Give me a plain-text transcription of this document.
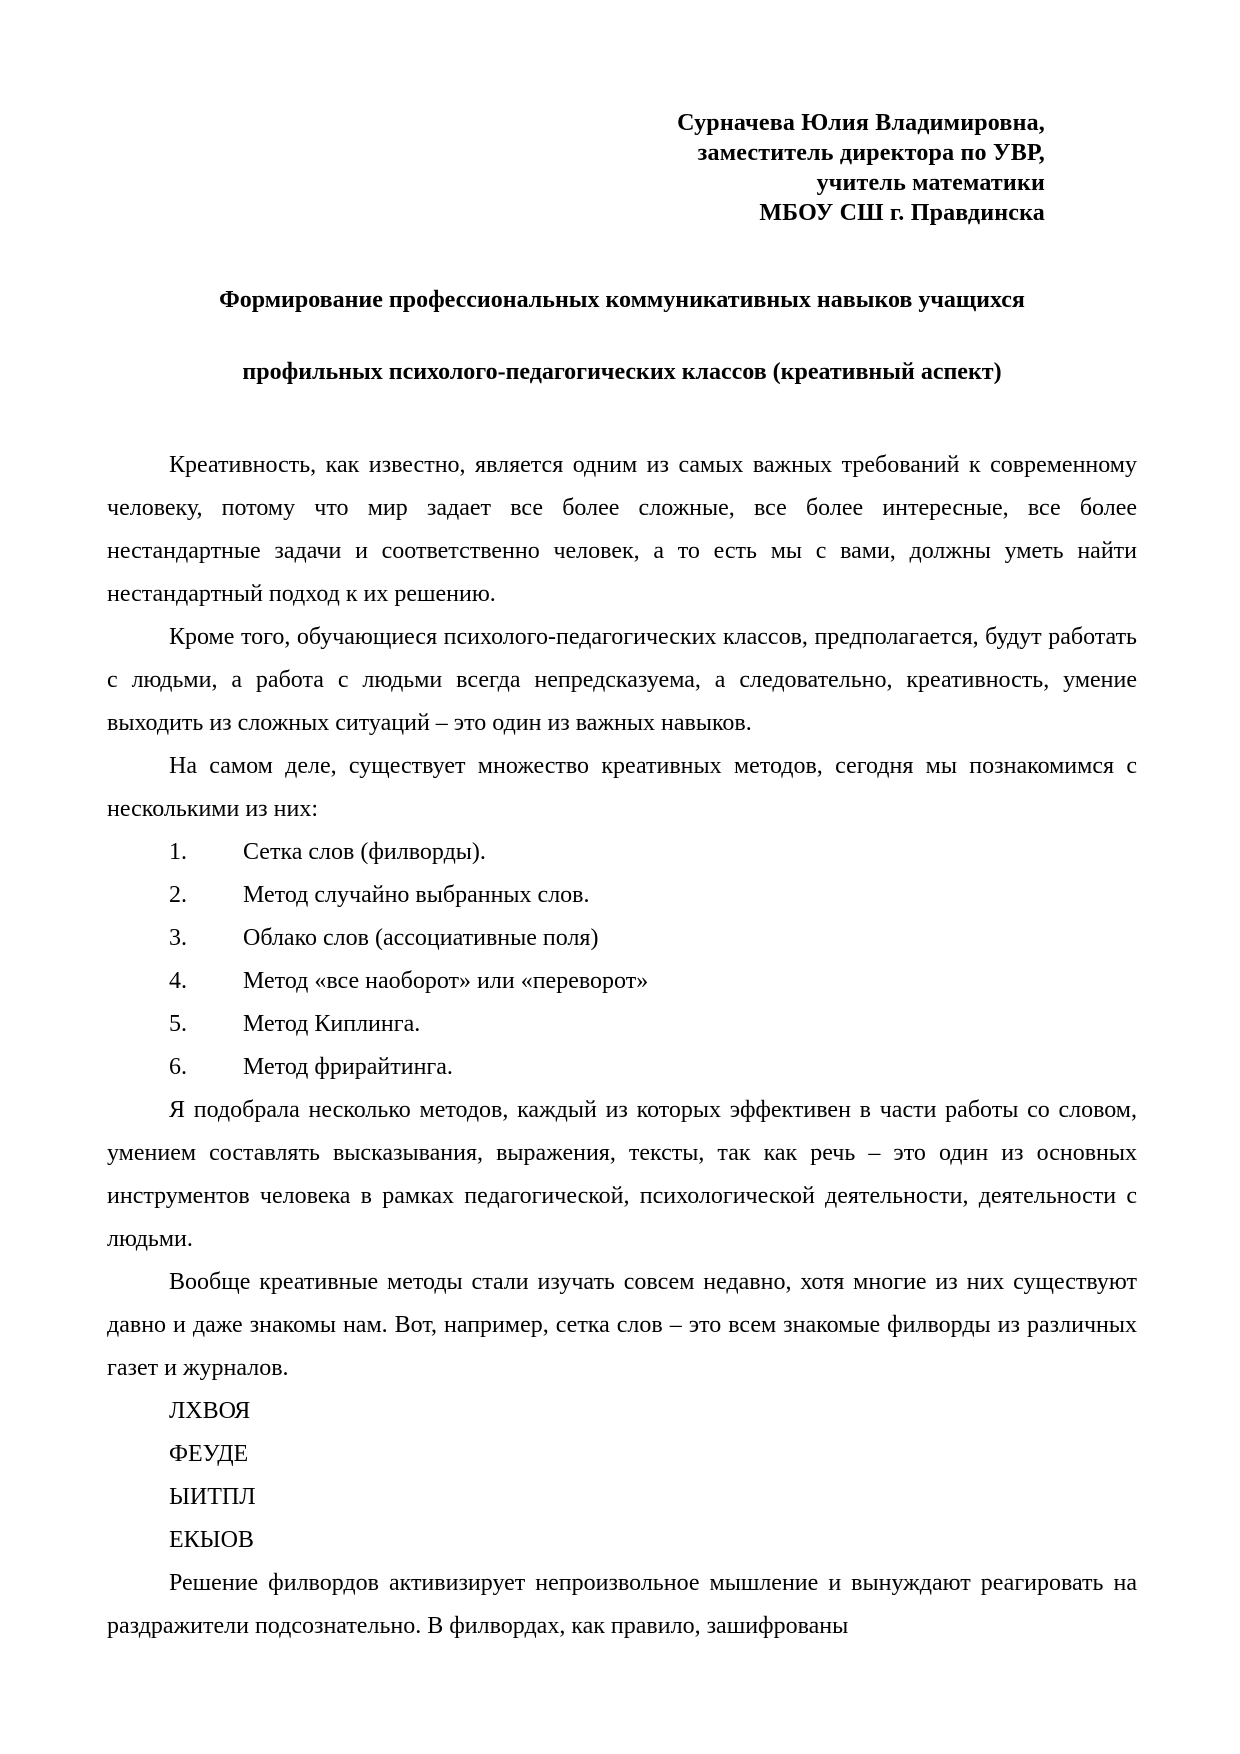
Сурначева Юлия Владимировна,
заместитель директора по УВР,
учитель математики
МБОУ СШ г. Правдинска
Формирование профессиональных коммуникативных навыков учащихся
профильных психолого-педагогических классов (креативный аспект)

Креативность, как известно, является одним из самых важных требований к современному человеку, потому что мир задает все более сложные, все более интересные, все более нестандартные задачи и соответственно человек, а то есть мы с вами, должны уметь найти нестандартный подход к их решению.

Кроме того, обучающиеся психолого-педагогических классов, предполагается, будут работать с людьми, а работа с людьми всегда непредсказуема, а следовательно, креативность, умение выходить из сложных ситуаций – это один из важных навыков.

На самом деле, существует множество креативных методов, сегодня мы познакомимся с несколькими из них:

1. Сетка слов (филворды).
2. Метод случайно выбранных слов.
3. Облако слов (ассоциативные поля)
4. Метод «все наоборот» или «переворот»
5. Метод Киплинга.
6. Метод фрирайтинга.

Я подобрала несколько методов, каждый из которых эффективен в части работы со словом, умением составлять высказывания, выражения, тексты, так как речь – это один из основных инструментов человека в рамках педагогической, психологической деятельности, деятельности с людьми.

Вообще креативные методы стали изучать совсем недавно, хотя многие из них существуют давно и даже знакомы нам. Вот, например, сетка слов – это всем знакомые филворды из различных газет и журналов.

ЛХВОЯ
ФЕУДЕ
ЫИТПЛ
ЕКЫОВ

Решение филвордов активизирует непроизвольное мышление и вынуждают реагировать на раздражители подсознательно. В филвордах, как правило, зашифрованы
